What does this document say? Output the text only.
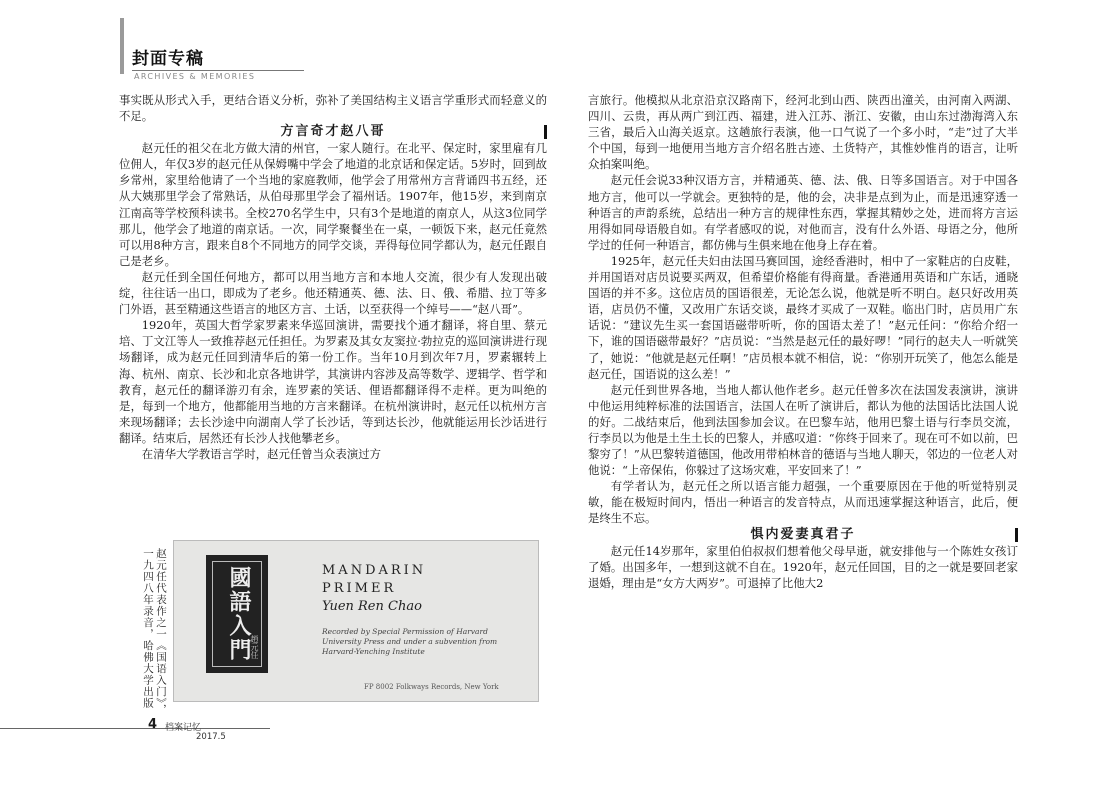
封面专稿
ARCHIVES & MEMORIES

事实既从形式入手，更结合语义分析，弥补了美国结构主义语言学重形式而轻意义的不足。

方言奇才赵八哥

赵元任的祖父在北方做大清的州官，一家人随行。在北平、保定时，家里雇有几位佣人，年仅3岁的赵元任从保姆嘴中学会了地道的北京话和保定话。5岁时，回到故乡常州，家里给他请了一个当地的家庭教师，他学会了用常州方言背诵四书五经，还从大姨那里学会了常熟话，从伯母那里学会了福州话。1907年，他15岁，来到南京江南高等学校预科读书。全校270名学生中，只有3个是地道的南京人，从这3位同学那儿，他学会了地道的南京话。一次，同学聚餐坐在一桌，一顿饭下来，赵元任竟然可以用8种方言，跟来自8个不同地方的同学交谈，弄得每位同学都认为，赵元任跟自己是老乡。

赵元任到全国任何地方，都可以用当地方言和本地人交流，很少有人发现出破绽，往往话一出口，即成为了老乡。他还精通英、德、法、日、俄、希腊、拉丁等多门外语，甚至精通这些语言的地区方言、土话，以至获得一个绰号——“赵八哥”。

1920年，英国大哲学家罗素来华巡回演讲，需要找个通才翻译，将自里、蔡元培、丁文江等人一致推荐赵元任担任。为罗素及其女友窦拉·勃拉克的巡回演讲进行现场翻译，成为赵元任回到清华后的第一份工作。当年10月到次年7月，罗素辗转上海、杭州、南京、长沙和北京各地讲学，其演讲内容涉及高等数学、逻辑学、哲学和教育，赵元任的翻译游刃有余，连罗素的笑话、俚语都翻译得不走样。更为叫绝的是，每到一个地方，他都能用当地的方言来翻译。在杭州演讲时，赵元任以杭州方言来现场翻译；去长沙途中向湖南人学了长沙话，等到达长沙，他就能运用长沙话进行翻译。结束后，居然还有长沙人找他攀老乡。

在清华大学教语言学时，赵元任曾当众表演过方

赵元任代表作之一《国语入门》，一九四八年录音，哈佛大学出版	國語入門
趙元任
MANDARIN
PRIMER
Yuen Ren Chao
Recorded by Special Permission of Harvard University Press and under a subvention from Harvard-Yenching Institute
FP 8002 Folkways Records, New York

言旅行。他模拟从北京沿京汉路南下，经河北到山西、陕西出潼关，由河南入两湖、四川、云贵，再从两广到江西、福建，进入江苏、浙江、安徽，由山东过渤海湾入东三省，最后入山海关返京。这趟旅行表演，他一口气说了一个多小时，“走”过了大半个中国，每到一地便用当地方言介绍名胜古迹、土货特产，其惟妙惟肖的语言，让听众拍案叫绝。

赵元任会说33种汉语方言，并精通英、德、法、俄、日等多国语言。对于中国各地方言，他可以一学就会。更独特的是，他的会，决非是点到为止，而是迅速穿透一种语言的声韵系统，总结出一种方言的规律性东西，掌握其精妙之处，进而将方言运用得如同母语般自如。有学者感叹的说，对他而言，没有什么外语、母语之分，他所学过的任何一种语言，都仿佛与生俱来地在他身上存在着。

1925年，赵元任夫妇由法国马赛回国，途经香港时，相中了一家鞋店的白皮鞋，并用国语对店员说要买两双，但希望价格能有得商量。香港通用英语和广东话，通晓国语的并不多。这位店员的国语很差，无论怎么说，他就是听不明白。赵只好改用英语，店员仍不懂，又改用广东话交谈，最终才买成了一双鞋。临出门时，店员用广东话说：“建议先生买一套国语磁带听听，你的国语太差了！”赵元任问：“你给介绍一下，谁的国语磁带最好？”店员说：“当然是赵元任的最好啰！”同行的赵夫人一听就笑了，她说：“他就是赵元任啊！”店员根本就不相信，说：“你别开玩笑了，他怎么能是赵元任，国语说的这么差！”

赵元任到世界各地，当地人都认他作老乡。赵元任曾多次在法国发表演讲，演讲中他运用纯粹标准的法国语言，法国人在听了演讲后，都认为他的法国话比法国人说的好。二战结束后，他到法国参加会议。在巴黎车站，他用巴黎土语与行李员交流，行李员以为他是土生土长的巴黎人，并感叹道：“你终于回来了。现在可不如以前，巴黎穷了！”从巴黎转道德国，他改用带柏林音的德语与当地人聊天，邻边的一位老人对他说：“上帝保佑，你躲过了这场灾难，平安回来了！”

有学者认为，赵元任之所以语言能力超强，一个重要原因在于他的听觉特别灵敏，能在极短时间内，悟出一种语言的发音特点，从而迅速掌握这种语言，此后，便是终生不忘。

惧内爱妻真君子

赵元任14岁那年，家里伯伯叔叔们想着他父母早逝，就安排他与一个陈姓女孩订了婚。出国多年，一想到这就不自在。1920年，赵元任回国，目的之一就是要回老家退婚，理由是“女方大两岁”。可退掉了比他大2

4 档案记忆
2017.5
